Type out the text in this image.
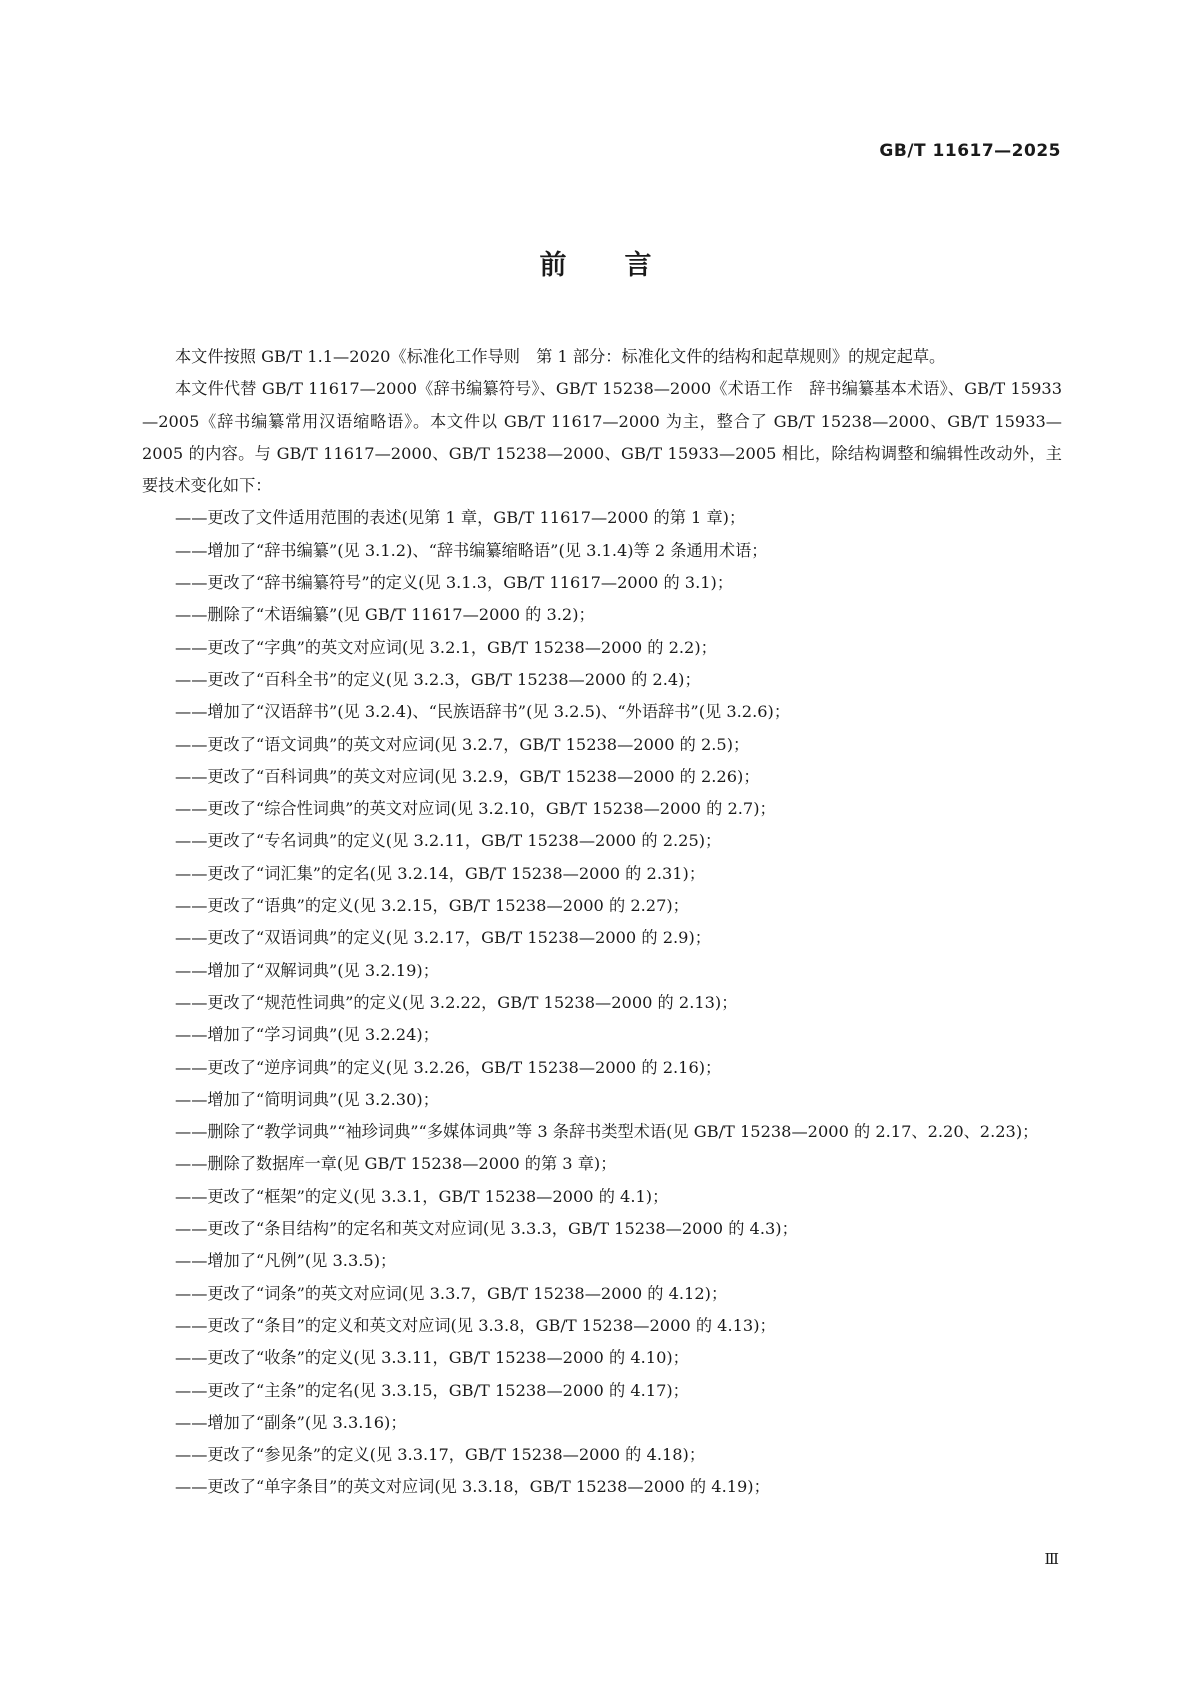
GB/T 11617—2025

前言

本文件按照 GB/T 1.1—2020《标准化工作导则　第 1 部分：标准化文件的结构和起草规则》的规定起草。

本文件代替 GB/T 11617—2000《辞书编纂符号》、GB/T 15238—2000《术语工作　辞书编纂基本术语》、GB/T 15933—2005《辞书编纂常用汉语缩略语》。本文件以 GB/T 11617—2000 为主，整合了 GB/T 15238—2000、GB/T 15933—2005 的内容。与 GB/T 11617—2000、GB/T 15238—2000、GB/T 15933—2005 相比，除结构调整和编辑性改动外，主要技术变化如下：

——更改了文件适用范围的表述(见第 1 章，GB/T 11617—2000 的第 1 章)；
——增加了“辞书编纂”(见 3.1.2)、“辞书编纂缩略语”(见 3.1.4)等 2 条通用术语；
——更改了“辞书编纂符号”的定义(见 3.1.3，GB/T 11617—2000 的 3.1)；
——删除了“术语编纂”(见 GB/T 11617—2000 的 3.2)；
——更改了“字典”的英文对应词(见 3.2.1，GB/T 15238—2000 的 2.2)；
——更改了“百科全书”的定义(见 3.2.3，GB/T 15238—2000 的 2.4)；
——增加了“汉语辞书”(见 3.2.4)、“民族语辞书”(见 3.2.5)、“外语辞书”(见 3.2.6)；
——更改了“语文词典”的英文对应词(见 3.2.7，GB/T 15238—2000 的 2.5)；
——更改了“百科词典”的英文对应词(见 3.2.9，GB/T 15238—2000 的 2.26)；
——更改了“综合性词典”的英文对应词(见 3.2.10，GB/T 15238—2000 的 2.7)；
——更改了“专名词典”的定义(见 3.2.11，GB/T 15238—2000 的 2.25)；
——更改了“词汇集”的定名(见 3.2.14，GB/T 15238—2000 的 2.31)；
——更改了“语典”的定义(见 3.2.15，GB/T 15238—2000 的 2.27)；
——更改了“双语词典”的定义(见 3.2.17，GB/T 15238—2000 的 2.9)；
——增加了“双解词典”(见 3.2.19)；
——更改了“规范性词典”的定义(见 3.2.22，GB/T 15238—2000 的 2.13)；
——增加了“学习词典”(见 3.2.24)；
——更改了“逆序词典”的定义(见 3.2.26，GB/T 15238—2000 的 2.16)；
——增加了“简明词典”(见 3.2.30)；
——删除了“教学词典”“袖珍词典”“多媒体词典”等 3 条辞书类型术语(见 GB/T 15238—2000 的 2.17、2.20、2.23)；
——删除了数据库一章(见 GB/T 15238—2000 的第 3 章)；
——更改了“框架”的定义(见 3.3.1，GB/T 15238—2000 的 4.1)；
——更改了“条目结构”的定名和英文对应词(见 3.3.3，GB/T 15238—2000 的 4.3)；
——增加了“凡例”(见 3.3.5)；
——更改了“词条”的英文对应词(见 3.3.7，GB/T 15238—2000 的 4.12)；
——更改了“条目”的定义和英文对应词(见 3.3.8，GB/T 15238—2000 的 4.13)；
——更改了“收条”的定义(见 3.3.11，GB/T 15238—2000 的 4.10)；
——更改了“主条”的定名(见 3.3.15，GB/T 15238—2000 的 4.17)；
——增加了“副条”(见 3.3.16)；
——更改了“参见条”的定义(见 3.3.17，GB/T 15238—2000 的 4.18)；
——更改了“单字条目”的英文对应词(见 3.3.18，GB/T 15238—2000 的 4.19)；

Ⅲ
